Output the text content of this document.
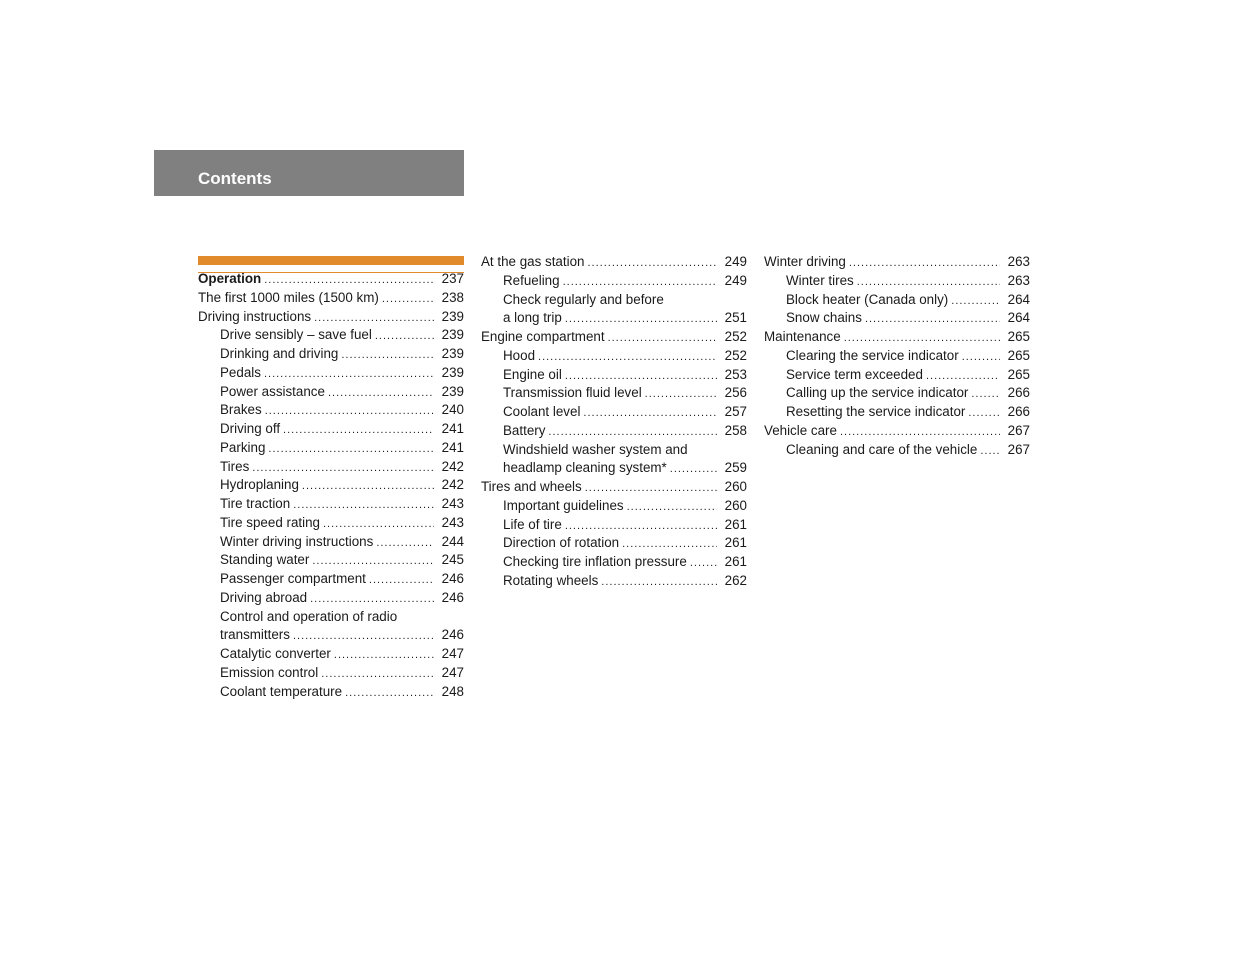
Contents
Operation .....	237
The first 1000 miles (1500 km) .....	238
Driving instructions .....	239
Drive sensibly – save fuel .....	239
Drinking and driving .....	239
Pedals .....	239
Power assistance .....	239
Brakes .....	240
Driving off .....	241
Parking .....	241
Tires .....	242
Hydroplaning .....	242
Tire traction .....	243
Tire speed rating .....	243
Winter driving instructions .....	244
Standing water .....	245
Passenger compartment .....	246
Driving abroad .....	246
Control and operation of radio
transmitters .....	246
Catalytic converter .....	247
Emission control .....	247
Coolant temperature .....	248
At the gas station .....	249
Refueling .....	249
Check regularly and before
a long trip .....	251
Engine compartment .....	252
Hood .....	252
Engine oil .....	253
Transmission fluid level .....	256
Coolant level .....	257
Battery .....	258
Windshield washer system and
headlamp cleaning system* .....	259
Tires and wheels .....	260
Important guidelines .....	260
Life of tire .....	261
Direction of rotation .....	261
Checking tire inflation pressure .....	261
Rotating wheels .....	262
Winter driving .....	263
Winter tires .....	263
Block heater (Canada only) .....	264
Snow chains .....	264
Maintenance .....	265
Clearing the service indicator .....	265
Service term exceeded .....	265
Calling up the service indicator .....	266
Resetting the service indicator .....	266
Vehicle care .....	267
Cleaning and care of the vehicle ..... 267
